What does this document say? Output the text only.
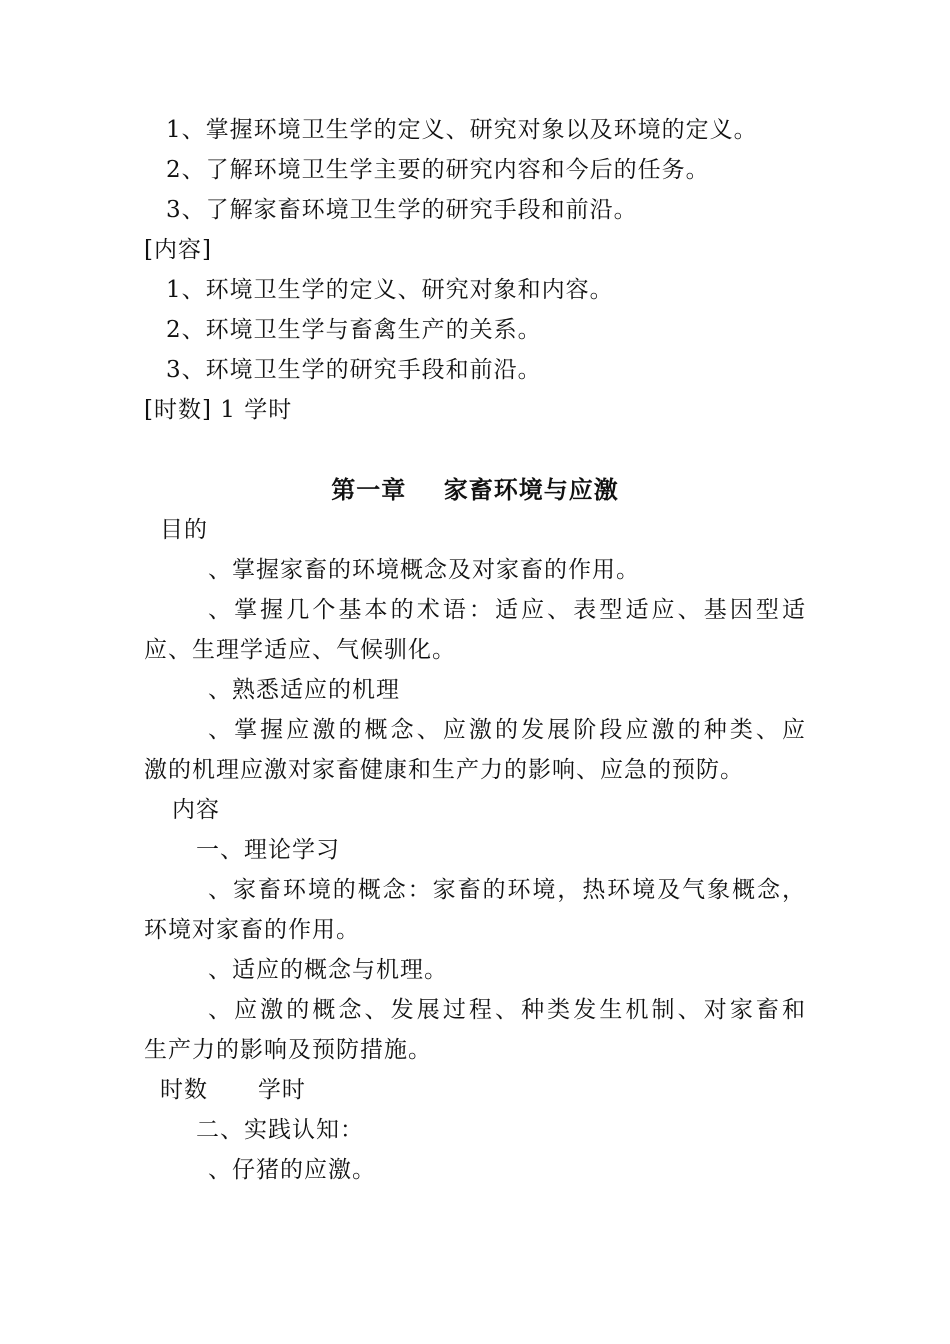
1、掌握环境卫生学的定义、研究对象以及环境的定义。
2、了解环境卫生学主要的研究内容和今后的任务。
3、了解家畜环境卫生学的研究手段和前沿。
[内容]
1、环境卫生学的定义、研究对象和内容。
2、环境卫生学与畜禽生产的关系。
3、环境卫生学的研究手段和前沿。
[时数] 1 学时
第一章    家畜环境与应激
目的
、掌握家畜的环境概念及对家畜的作用。
、掌握几个基本的术语：适应、表型适应、基因型适
应、生理学适应、气候驯化。
、熟悉适应的机理
、掌握应激的概念、应激的发展阶段应激的种类、应
激的机理应激对家畜健康和生产力的影响、应急的预防。
内容
一、理论学习
、家畜环境的概念：家畜的环境，热环境及气象概念，
环境对家畜的作用。
、适应的概念与机理。
、应激的概念、发展过程、种类发生机制、对家畜和
生产力的影响及预防措施。
时数      学时
二、实践认知：
、仔猪的应激。
